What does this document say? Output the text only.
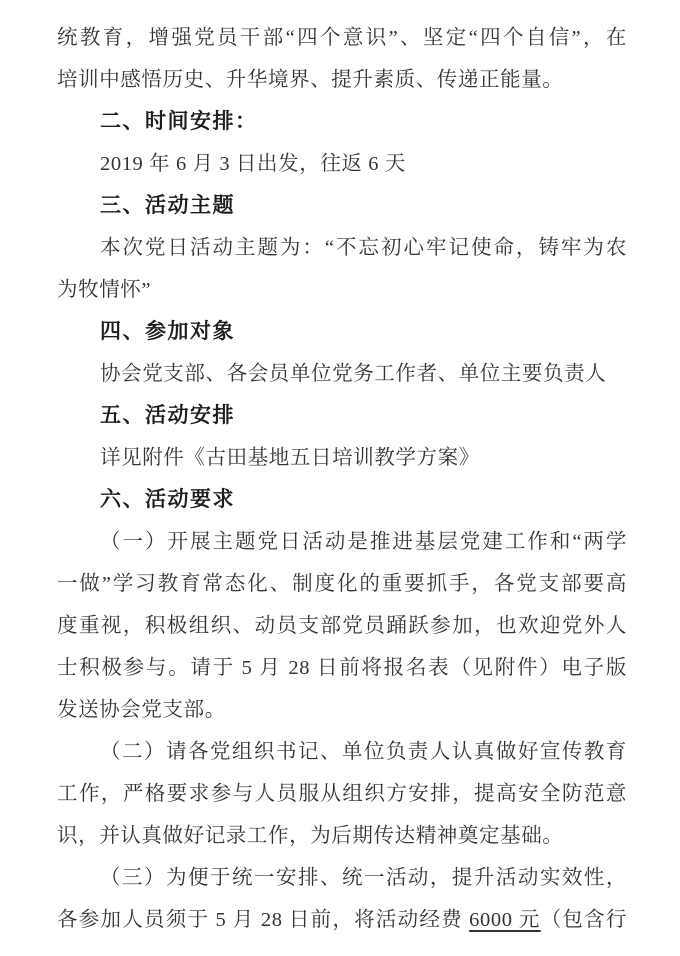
统教育，增强党员干部“四个意识”、坚定“四个自信”，在
培训中感悟历史、升华境界、提升素质、传递正能量。
二、时间安排：
2019 年 6 月 3 日出发，往返 6 天
三、活动主题
本次党日活动主题为：“不忘初心牢记使命，铸牢为农
为牧情怀”
四、参加对象
协会党支部、各会员单位党务工作者、单位主要负责人
五、活动安排
详见附件《古田基地五日培训教学方案》
六、活动要求
（一）开展主题党日活动是推进基层党建工作和“两学
一做”学习教育常态化、制度化的重要抓手，各党支部要高
度重视，积极组织、动员支部党员踊跃参加，也欢迎党外人
士积极参与。请于 5 月 28 日前将报名表（见附件）电子版
发送协会党支部。
（二）请各党组织书记、单位负责人认真做好宣传教育
工作，严格要求参与人员服从组织方安排，提高安全防范意
识，并认真做好记录工作，为后期传达精神奠定基础。
（三）为便于统一安排、统一活动，提升活动实效性，
各参加人员须于 5 月 28 日前，将活动经费 6000 元（包含行
